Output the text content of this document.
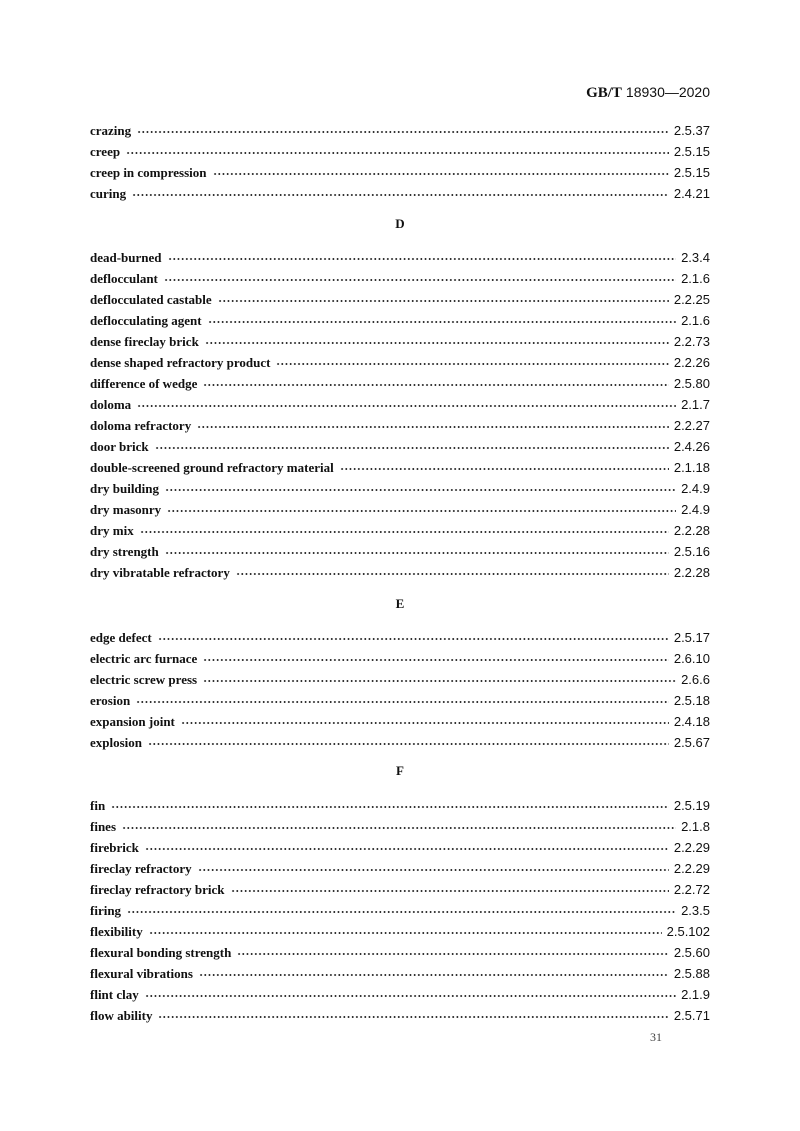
GB/T 18930—2020
crazing	2.5.37
creep	2.5.15
creep in compression	2.5.15
curing	2.4.21
D
dead-burned	2.3.4
deflocculant	2.1.6
deflocculated castable	2.2.25
deflocculating agent	2.1.6
dense fireclay brick	2.2.73
dense shaped refractory product	2.2.26
difference of wedge	2.5.80
doloma	2.1.7
doloma refractory	2.2.27
door brick	2.4.26
double-screened ground refractory material	2.1.18
dry building	2.4.9
dry masonry	2.4.9
dry mix	2.2.28
dry strength	2.5.16
dry vibratable refractory	2.2.28
E
edge defect	2.5.17
electric arc furnace	2.6.10
electric screw press	2.6.6
erosion	2.5.18
expansion joint	2.4.18
explosion	2.5.67
F
fin	2.5.19
fines	2.1.8
firebrick	2.2.29
fireclay refractory	2.2.29
fireclay refractory brick	2.2.72
firing	2.3.5
flexibility	2.5.102
flexural bonding strength	2.5.60
flexural vibrations	2.5.88
flint clay	2.1.9
flow ability	2.5.71
31
